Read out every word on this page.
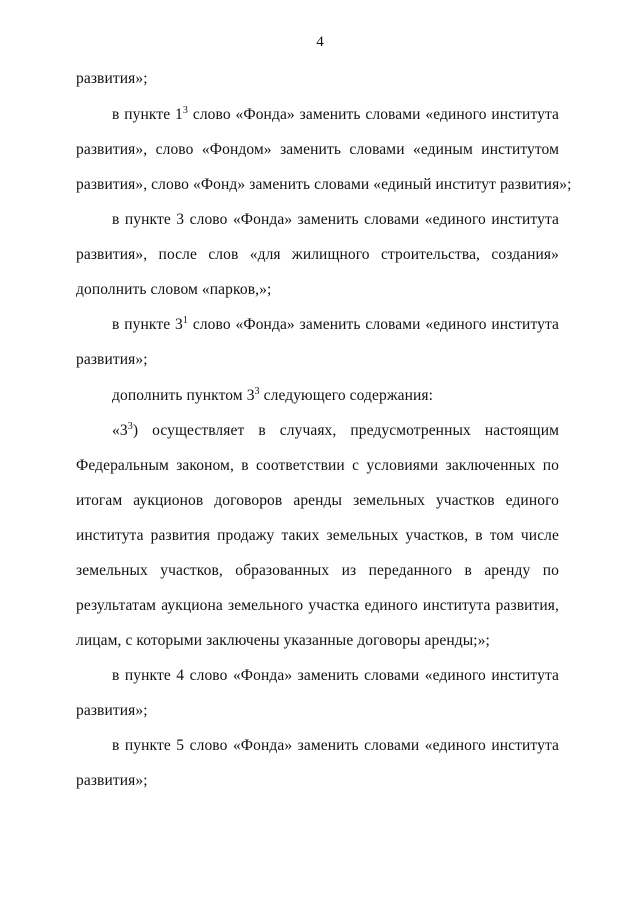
4
развития»;
в пункте $1^3$ слово «Фонда» заменить словами «единого института
развития», слово «Фондом» заменить словами «единым институтом
развития», слово «Фонд» заменить словами «единый институт развития»;
в пункте 3 слово «Фонда» заменить словами «единого института
развития», после слов «для жилищного строительства, создания»
дополнить словом «парков,»;
в пункте $3^1$ слово «Фонда» заменить словами «единого института
развития»;
дополнить пунктом $3^3$ следующего содержания:
«$3^3$) осуществляет в случаях, предусмотренных настоящим
Федеральным законом, в соответствии с условиями заключенных по
итогам аукционов договоров аренды земельных участков единого
института развития продажу таких земельных участков, в том числе
земельных участков, образованных из переданного в аренду по
результатам аукциона земельного участка единого института развития,
лицам, с которыми заключены указанные договоры аренды;»;
в пункте 4 слово «Фонда» заменить словами «единого института
развития»;
в пункте 5 слово «Фонда» заменить словами «единого института
развития»;
